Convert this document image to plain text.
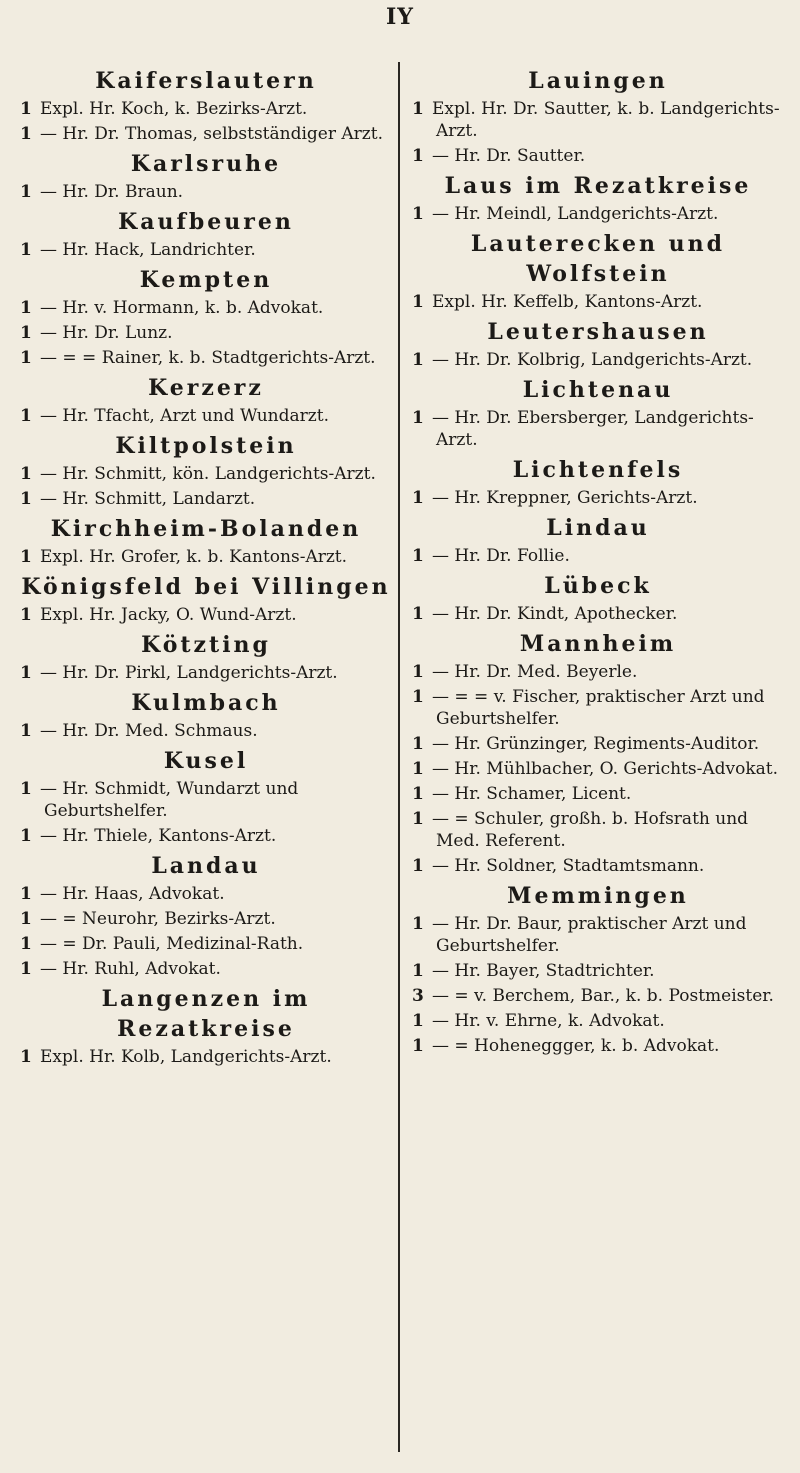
IY
Kaiferslautern
1 Expl. Hr. Koch, k. Bezirks-Arzt.
1 — Hr. Dr. Thomas, selbstständiger Arzt.
Karlsruhe
1 — Hr. Dr. Braun.
Kaufbeuren
1 — Hr. Hack, Landrichter.
Kempten
1 — Hr. v. Hormann, k. b. Advokat.
1 — Hr. Dr. Lunz.
1 — = = Rainer, k. b. Stadtgerichts-Arzt.
Kerzerz
1 — Hr. Tfacht, Arzt und Wundarzt.
Kiltpolstein
1 — Hr. Schmitt, kön. Landgerichts-Arzt.
1 — Hr. Schmitt, Landarzt.
Kirchheim-Bolanden
1 Expl. Hr. Grofer, k. b. Kantons-Arzt.
Königsfeld bei Villingen
1 Expl. Hr. Jacky, O. Wund-Arzt.
Kötzting
1 — Hr. Dr. Pirkl, Landgerichts-Arzt.
Kulmbach
1 — Hr. Dr. Med. Schmaus.
Kusel
1 — Hr. Schmidt, Wundarzt und Geburtshelfer.
1 — Hr. Thiele, Kantons-Arzt.
Landau
1 — Hr. Haas, Advokat.
1 — = Neurohr, Bezirks-Arzt.
1 — = Dr. Pauli, Medizinal-Rath.
1 — Hr. Ruhl, Advokat.
Langenzen im Rezatkreise
1 Expl. Hr. Kolb, Landgerichts-Arzt.
Lauingen
1 Expl. Hr. Dr. Sautter, k. b. Landgerichts-Arzt.
1 — Hr. Dr. Sautter.
Laus im Rezatkreise
1 — Hr. Meindl, Landgerichts-Arzt.
Lauterecken und Wolfstein
1 Expl. Hr. Keffelb, Kantons-Arzt.
Leutershausen
1 — Hr. Dr. Kolbrig, Landgerichts-Arzt.
Lichtenau
1 — Hr. Dr. Ebersberger, Landgerichts-Arzt.
Lichtenfels
1 — Hr. Kreppner, Gerichts-Arzt.
Lindau
1 — Hr. Dr. Follie.
Lübeck
1 — Hr. Dr. Kindt, Apothecker.
Mannheim
1 — Hr. Dr. Med. Beyerle.
1 — = = v. Fischer, praktischer Arzt und Geburtshelfer.
1 — Hr. Grünzinger, Regiments-Auditor.
1 — Hr. Mühlbacher, O. Gerichts-Advokat.
1 — Hr. Schamer, Licent.
1 — = Schuler, großh. b. Hofsrath und Med. Referent.
1 — Hr. Soldner, Stadtamtsmann.
Memmingen
1 — Hr. Dr. Baur, praktischer Arzt und Geburtshelfer.
1 — Hr. Bayer, Stadtrichter.
3 — = v. Berchem, Bar., k. b. Postmeister.
1 — Hr. v. Ehrne, k. Advokat.
1 — = Hoheneggger, k. b. Advokat.
